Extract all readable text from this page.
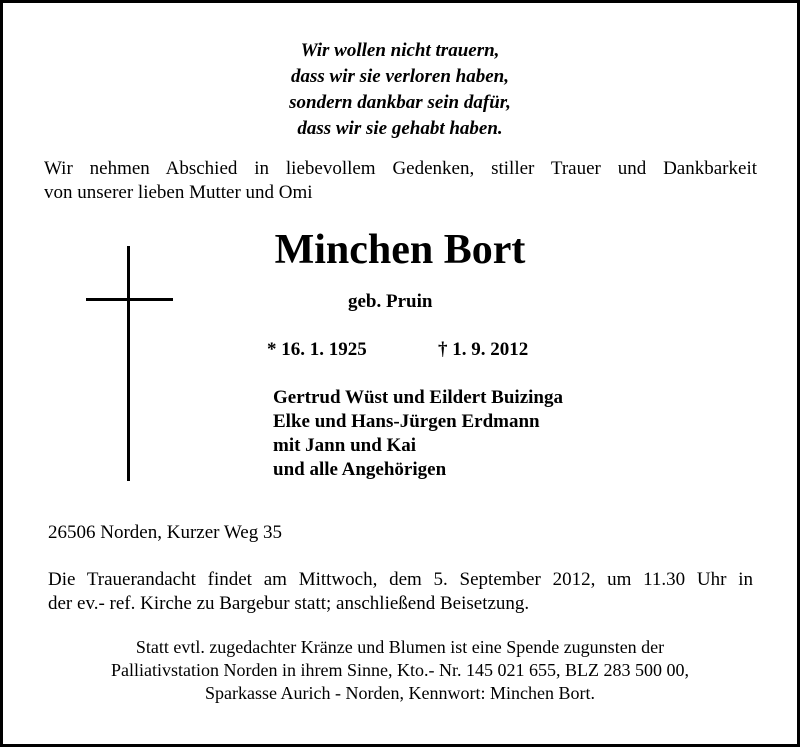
Wir wollen nicht trauern,
dass wir sie verloren haben,
sondern dankbar sein dafür,
dass wir sie gehabt haben.
Wir nehmen Abschied in liebevollem Gedenken, stiller Trauer und Dankbarkeit
von unserer lieben Mutter und Omi
Minchen Bort
geb. Pruin
* 16. 1. 1925	† 1. 9. 2012
Gertrud Wüst und Eildert Buizinga
Elke und Hans-Jürgen Erdmann
mit Jann und Kai
und alle Angehörigen
26506 Norden, Kurzer Weg 35
Die Trauerandacht findet am Mittwoch, dem 5. September 2012, um 11.30 Uhr in
der ev.- ref. Kirche zu Bargebur statt; anschließend Beisetzung.
Statt evtl. zugedachter Kränze und Blumen ist eine Spende zugunsten der
Palliativstation Norden in ihrem Sinne, Kto.- Nr. 145 021 655, BLZ 283 500 00,
Sparkasse Aurich - Norden, Kennwort: Minchen Bort.
